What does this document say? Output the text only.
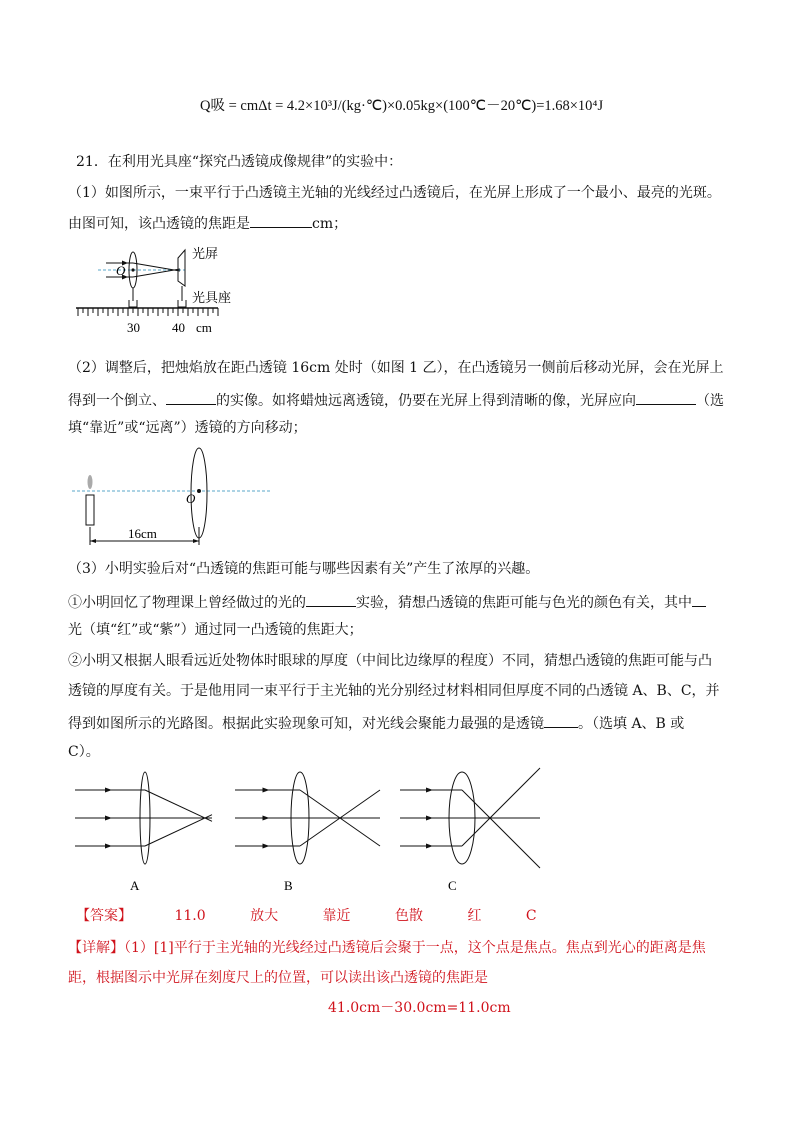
Q吸 = cmΔt = 4.2×10³J/(kg·℃)×0.05kg×(100℃－20℃)=1.68×10⁴J
21．在利用光具座“探究凸透镜成像规律”的实验中：
（1）如图所示，一束平行于凸透镜主光轴的光线经过凸透镜后，在光屏上形成了一个最小、最亮的光斑。
由图可知，该凸透镜的焦距是	cm；
O
光屏
光具座
30 40 cm
（2）调整后，把烛焰放在距凸透镜 16cm 处时（如图 1 乙），在凸透镜另一侧前后移动光屏，会在光屏上
得到一个倒立、	的实像。如将蜡烛远离透镜，仍要在光屏上得到清晰的像，光屏应向	（选
填“靠近”或“远离”）透镜的方向移动；
O
16cm
（3）小明实验后对“凸透镜的焦距可能与哪些因素有关”产生了浓厚的兴趣。
①小明回忆了物理课上曾经做过的光的	实验，猜想凸透镜的焦距可能与色光的颜色有关，其中
光（填“红”或“紫”）通过同一凸透镜的焦距大；
②小明又根据人眼看远近处物体时眼球的厚度（中间比边缘厚的程度）不同，猜想凸透镜的焦距可能与凸
透镜的厚度有关。于是他用同一束平行于主光轴的光分别经过材料相同但厚度不同的凸透镜 A、B、C，并
得到如图所示的光路图。根据此实验现象可知，对光线会聚能力最强的是透镜 。（选填 A、B 或
C）。
A	B	C
【答案】	11.0	放大	靠近	色散	红	C
【详解】（1）[1]平行于主光轴的光线经过凸透镜后会聚于一点，这个点是焦点。焦点到光心的距离是焦
距，根据图示中光屏在刻度尺上的位置，可以读出该凸透镜的焦距是
41.0cm－30.0cm=11.0cm
